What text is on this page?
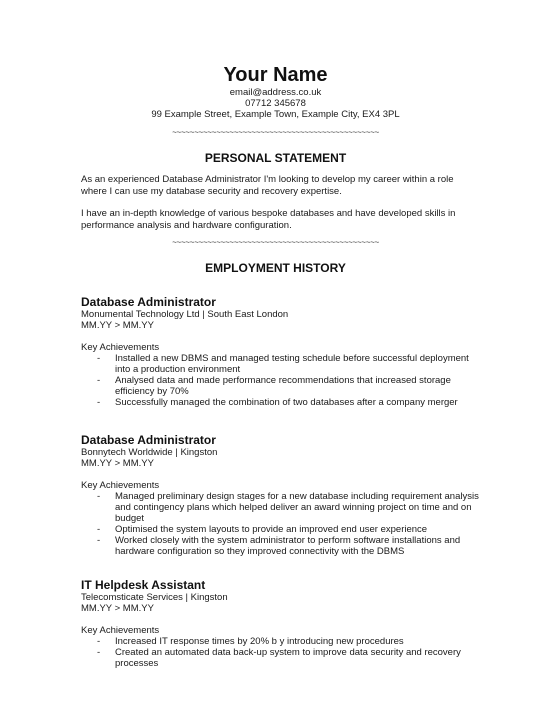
Your Name
email@address.co.uk
07712 345678
99 Example Street, Example Town, Example City, EX4 3PL
~~~~~~~~~~~~~~~~~~~~~~~~~~~~~~~~~~~~~~~~~~~~~~~
PERSONAL STATEMENT
As an experienced Database Administrator I'm looking to develop my career within a role where I can use my database security and recovery expertise.
I have an in-depth knowledge of various bespoke databases and have developed skills in performance analysis and hardware configuration.
~~~~~~~~~~~~~~~~~~~~~~~~~~~~~~~~~~~~~~~~~~~~~~~
EMPLOYMENT HISTORY
Database Administrator
Monumental Technology Ltd | South East London
MM.YY > MM.YY
Key Achievements
- Installed a new DBMS and managed testing schedule before successful deployment into a production environment
- Analysed data and made performance recommendations that increased storage efficiency by 70%
- Successfully managed the combination of two databases after a company merger
Database Administrator
Bonnytech Worldwide | Kingston
MM.YY > MM.YY
Key Achievements
- Managed preliminary design stages for a new database including requirement analysis and contingency plans which helped deliver an award winning project on time and on budget
- Optimised the system layouts to provide an improved end user experience
- Worked closely with the system administrator to perform software installations and hardware configuration so they improved connectivity with the DBMS
IT Helpdesk Assistant
Telecomsticate Services | Kingston
MM.YY > MM.YY
Key Achievements
- Increased IT response times by 20% b y introducing new procedures
- Created an automated data back-up system to improve data security and recovery processes
